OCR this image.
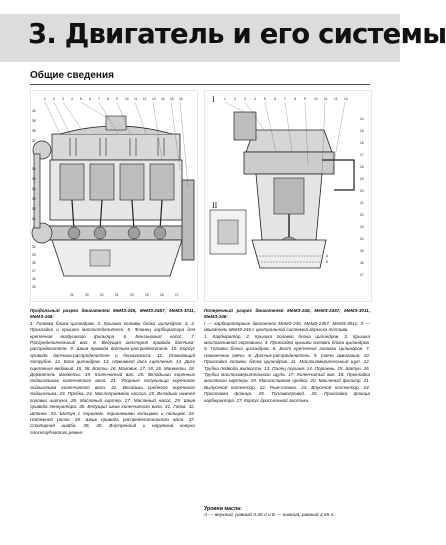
3. Двигатель и его системы
Общие сведения
1 2 3 4 5 6 7 8 9 10 11 12 13 14 15 16
40
39
38
37
36
35
34
33
32
31
30
29
28
27
26
25
24	23	22	21	20	19	18	17
А
Б
I
II
1	2	3	4	5	6	7	8	9	10 11 12 13
14
15
16
17
18
19
20
21
22
23
24
25
26
27
Продольный разрез двигателей МеМЗ-245, МеМЗ-2457, МеМЗ-3011, МеМЗ-246:
1. Головка блока цилиндров. 2. Крышка головки блока цилиндров. 3, 4. Прокладка и крышка маслоотделителя. 5. Фланец карбюратора для крепления воздушного фильтра. 6. Бензиновый насос. 7. Распределительный вал. 8. Ведущая шестерня привода датчика-распределителя. 9. Шкив привода датчика-распределителя. 10. Корпус привода датчика-распределителя и бензонасоса. 11. Отводящий патрубок. 12. Блок цилиндров. 13. Нажимной диск сцепления. 14. Диск сцепления ведомый. 15, 38. Болты. 16. Маховик. 17, 18, 26. Манжеты. 18. Держатель манжеты. 19. Коленчатый вал. 20. Вкладыши коренных подшипников коленчатого вала. 21. Упорные полукольца коренного подшипника коленчатого вала. 22. Вкладыш среднего коренного подшипника. 23. Пробка. 24. Маслоприемник насоса. 25. Вкладыш нижней головки шатуна. 26. Масляный картер. 27. Масляный насос. 29. Шкив привода генератора. 30. Ведущий шкив коленчатого вала. 31. Гайка. 32. Шпонка. 33. Шатун с поршнем, поршневыми кольцами и пальцем. 34. Натяжной ролик. 35. Шкив привода распределительного вала. 37. Стопорная шайба. 39, 40. Внутренний и наружный кожухи плоскозубчатого ремня.
Поперечный разрез двигателей МеМЗ-245, МеМЗ-2457, МеМЗ-3011, МеМЗ-246:
I — карбюраторные двигатели МеМЗ-245, МеМЗ-2457, МеМЗ-3011; II — двигатель МеМЗ-246 с центральной системой впрыска топлива.
1. Карбюратор. 2. Крышка головки блока цилиндров. 3. Крышка маслозаливной горловины. 4. Прокладка крышки головки блока цилиндров. 5. Головка блока цилиндров. 6. Болт крепления головки цилиндров. 7. Наконечник свечи. 8. Датчик-распределитель. 9. Свеча зажигания. 10. Прокладка головки блока цилиндров. 11. Маслоизмерительный щуп. 12. Трубка подвода жидкости. 13. Палец поршня. 14. Поршень. 15. Шатун. 16. Трубка маслоизмерительного щупа. 17. Коленчатый вал. 18. Прокладка масляного картера. 19. Маслосливная пробка. 20. Масляный фильтр. 21. Выпускной коллектор. 22. Рым-планка. 23. Впускной коллектор. 24. Проставка фланца. 25. Топливопровод. 26. Прокладка фланца карбюратора. 27. Корпус дроссельной заслонки.
Уровни масла:
А — верхний, равный 3,45 л и Б — нижний, равный 2,45 л.
